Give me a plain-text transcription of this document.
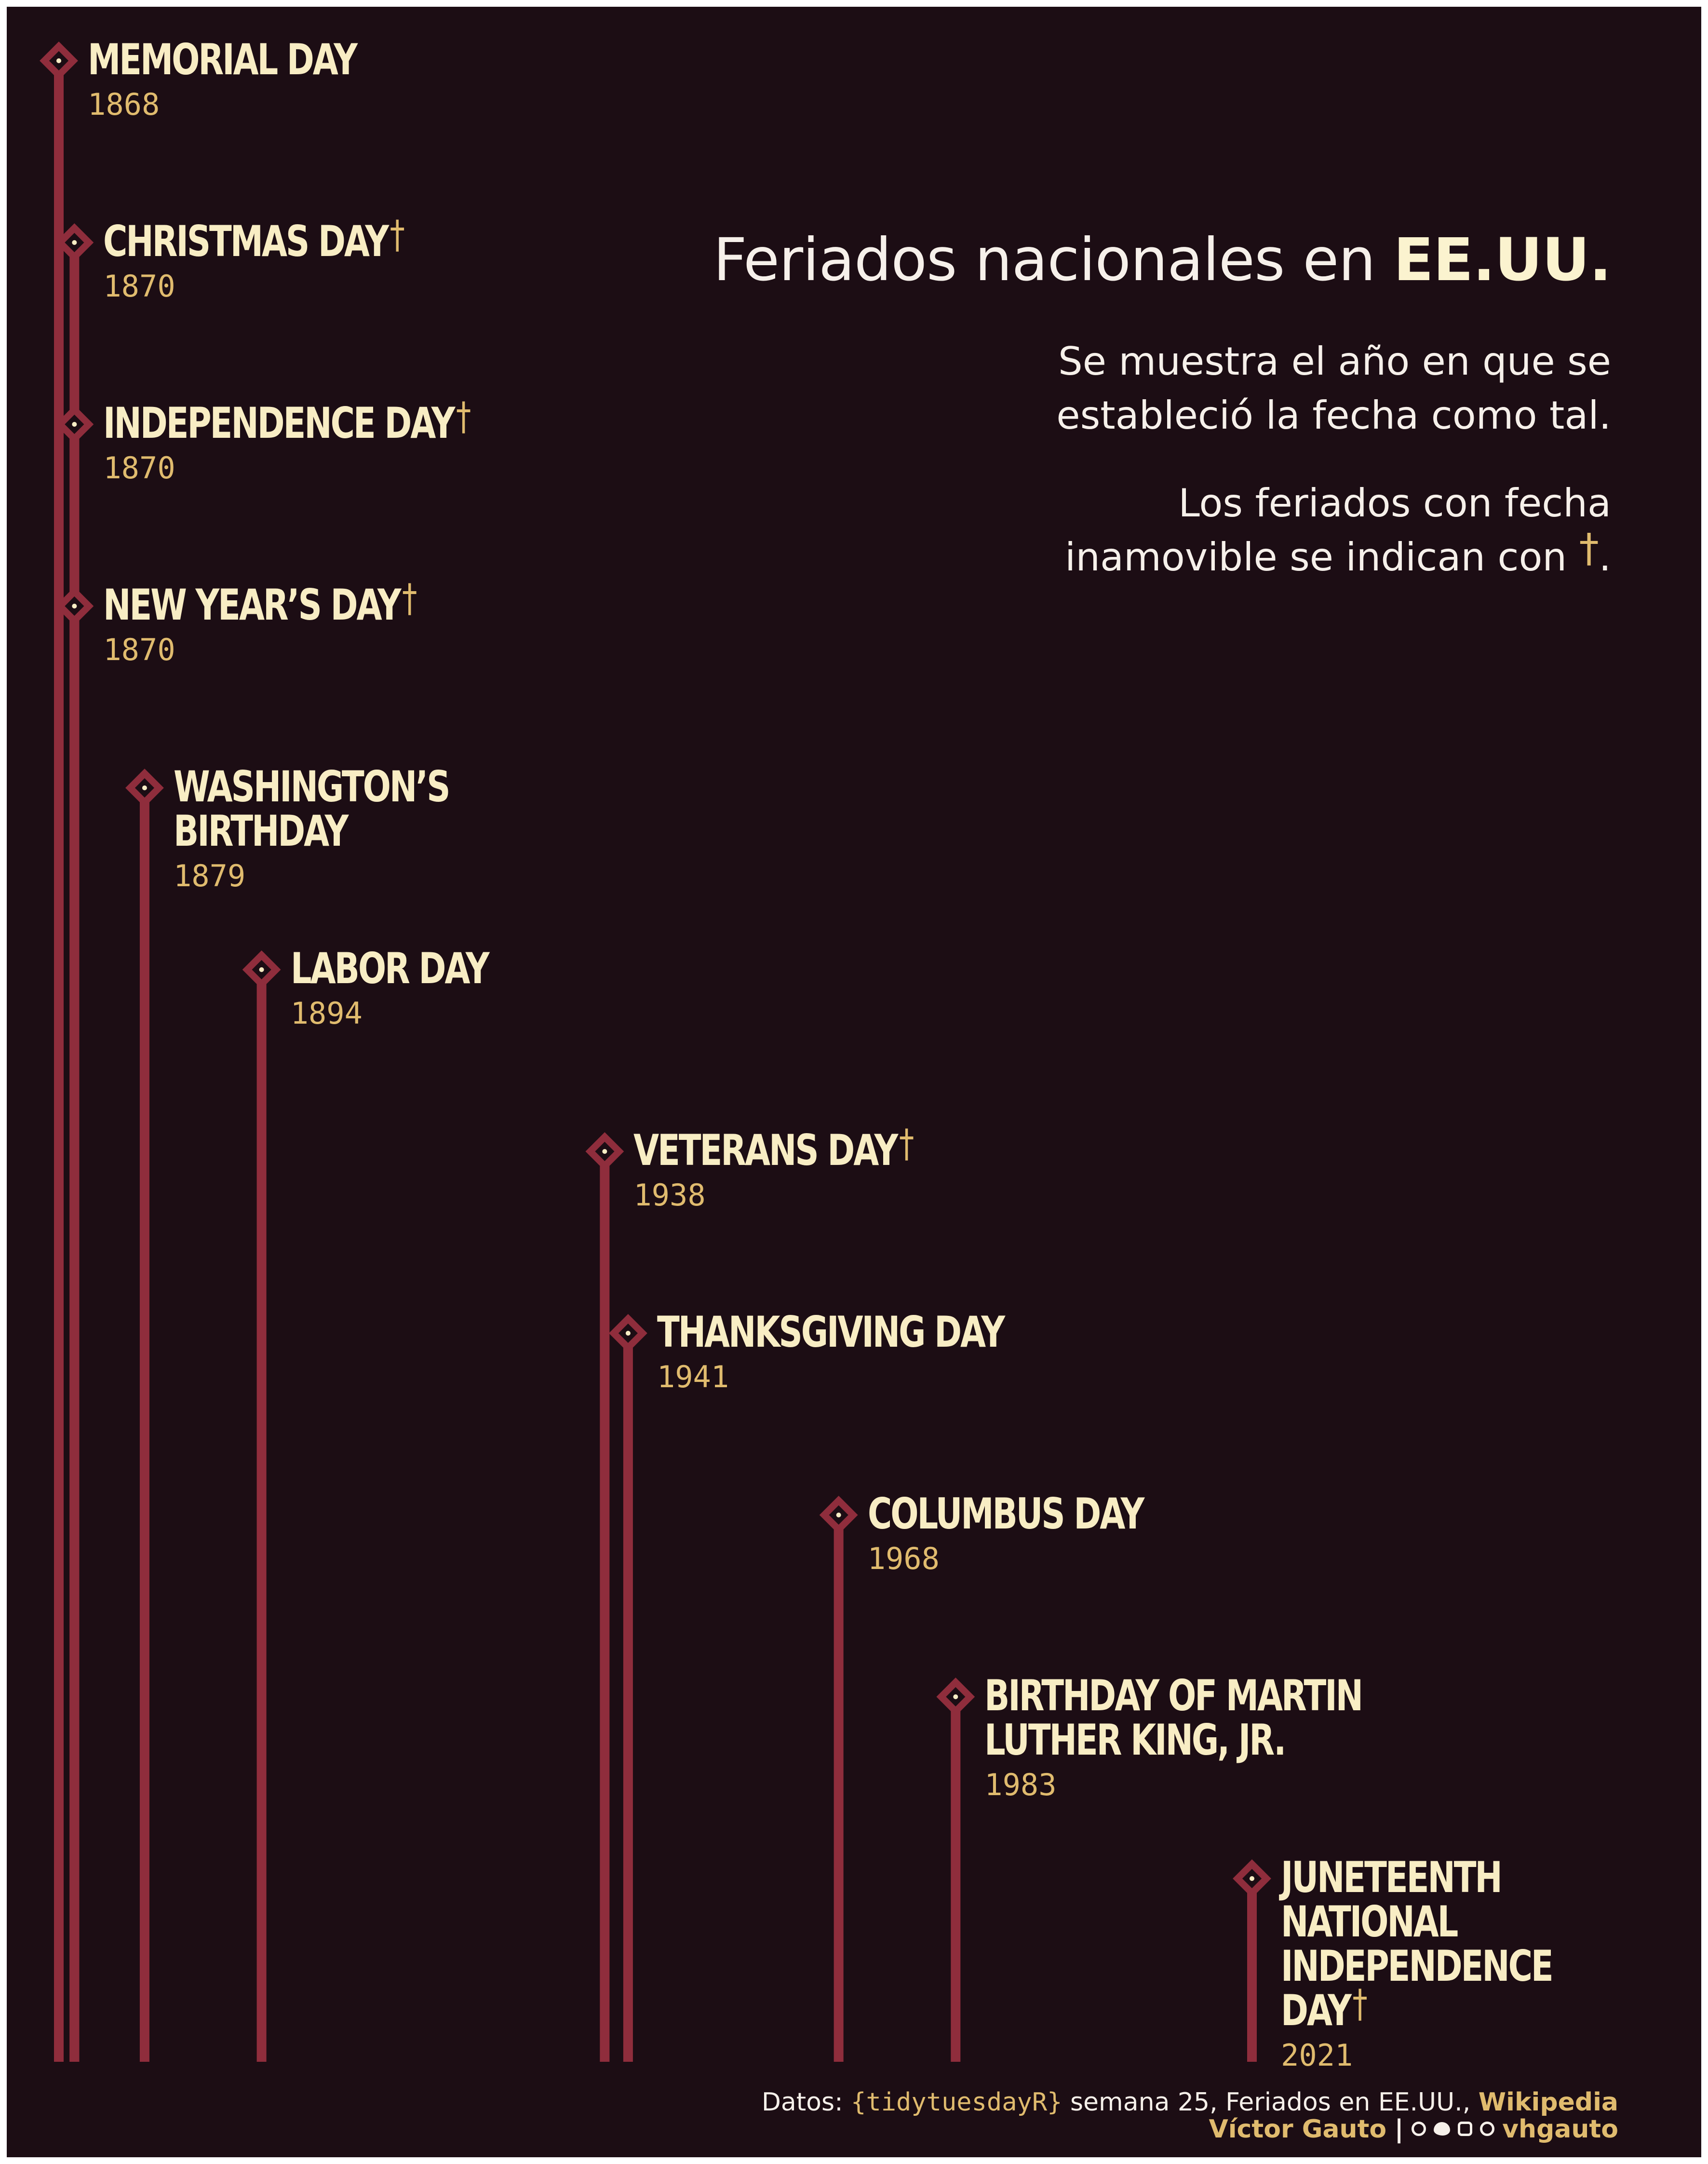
MEMORIAL DAY
1868
CHRISTMAS DAY†
1870
INDEPENDENCE DAY†
1870
NEW YEAR’S DAY†
1870
WASHINGTON’S
BIRTHDAY
1879
LABOR DAY
1894
VETERANS DAY†
1938
THANKSGIVING DAY
1941
COLUMBUS DAY
1968
BIRTHDAY OF MARTIN
LUTHER KING, JR.
1983
JUNETEENTH NATIONAL
INDEPENDENCE DAY†
2021
Feriados nacionales en EE.UU.
Se muestra el año en que se
estableció la fecha como tal.
Los feriados con fecha
inamovible se indican con †.
Datos: {tidytuesdayR} semana 25, Feriados en EE.UU., Wikipedia
Víctor Gauto |	vhgauto
